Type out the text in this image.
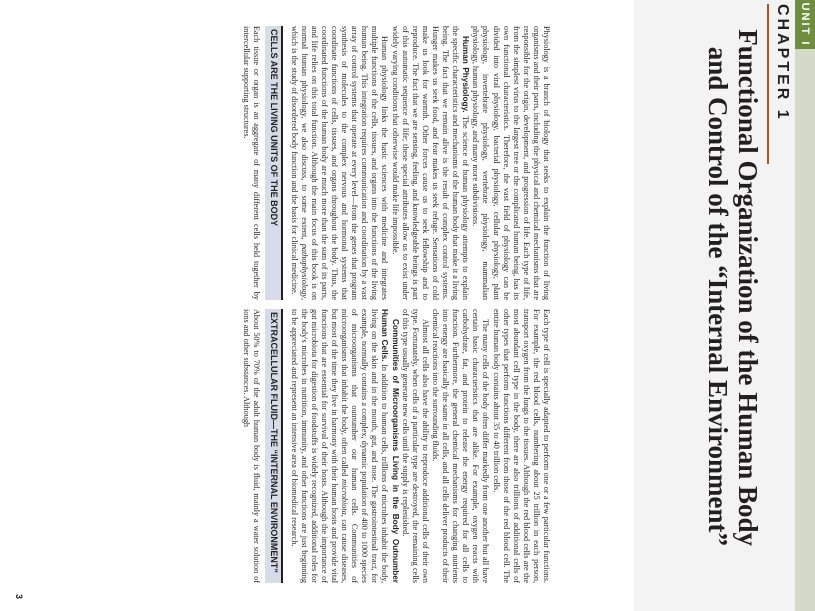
UNIT I
CHAPTER 1
Functional Organization of the Human Body and Control of the “Internal Environment”

Physiology is a branch of biology that seeks to explain the function of living organisms and their parts, including the physical and chemical mechanisms that are responsible for the origin, development, and progression of life. Each type of life, from the simplest virus to the largest tree or the complicated human being, has its own functional characteristics. Therefore, the vast field of physiology can be divided into viral physiology, bacterial physiology, cellular physiology, plant physiology, invertebrate physiology, vertebrate physiology, mammalian physiology, human physiology, and many more subdivisions.

Human Physiology. The science of human physiology attempts to explain the specific characteristics and mechanisms of the human body that make it a living being. The fact that we remain alive is the result of complex control systems. Hunger makes us seek food, and fear makes us seek refuge. Sensations of cold make us look for warmth. Other forces cause us to seek fellowship and to reproduce. The fact that we are sensing, feeling, and knowledgeable beings is part of this automatic sequence of life; these special attributes allow us to exist under widely varying conditions that otherwise would make life impossible.

Human physiology links the basic sciences with medicine and integrates multiple functions of the cells, tissues, and organs into the functions of the living human being. This integration requires communication and coordination by a vast array of control systems that operate at every level—from the genes that program synthesis of molecules to the complex nervous and hormonal systems that coordinate functions of cells, tissues, and organs throughout the body. Thus, the coordinated functions of the human body are much more than the sum of its parts, and life relies on this total function. Although the main focus of this book is on normal human physiology, we also discuss, to some extent, pathophysiology, which is the study of disordered body function and the basis for clinical medicine.

CELLS ARE THE LIVING UNITS OF THE BODY

Each tissue or organ is an aggregate of many different cells held together by intercellular supporting structures.

Each type of cell is specially adapted to perform one or a few particular functions. For example, the red blood cells, numbering about 25 trillion in each person, transport oxygen from the lungs to the tissues. Although the red blood cells are the most abundant cell type in the body, there are also trillions of additional cells of other types that perform functions different from those of the red blood cell. The entire human body contains about 35 to 40 trillion cells.

The many cells of the body often differ markedly from one another but all have certain basic characteristics that are alike. For example, oxygen reacts with carbohydrate, fat, and protein to release the energy required for all cells to function. Furthermore, the general chemical mechanisms for changing nutrients into energy are basically the same in all cells, and all cells deliver products of their chemical reactions into the surrounding fluids.

Almost all cells also have the ability to reproduce additional cells of their own type. Fortunately, when cells of a particular type are destroyed, the remaining cells of this type usually generate new cells until the supply is replenished.

Communities of Microorganisms Living in the Body Outnumber Human Cells. In addition to human cells, trillions of microbes inhabit the body, living on the skin and in the mouth, gut, and nose. The gastrointestinal tract, for example, normally contains a complex, dynamic population of 400 to 1000 species of microorganisms that outnumber our human cells. Communities of microorganisms that inhabit the body, often called microbiota, can cause diseases, but most of the time they live in harmony with their human hosts and provide vital functions that are essential for survival of their hosts. Although the importance of gut microbiota for digestion of foodstuffs is widely recognized, additional roles for the body's microbes in nutrition, immunity, and other functions are just beginning to be appreciated and represent an intensive area of biomedical research.

EXTRACELLULAR FLUID—THE “INTERNAL ENVIRONMENT”

About 50% to 70% of the adult human body is fluid, mainly a water solution of ions and other substances. Although

3
